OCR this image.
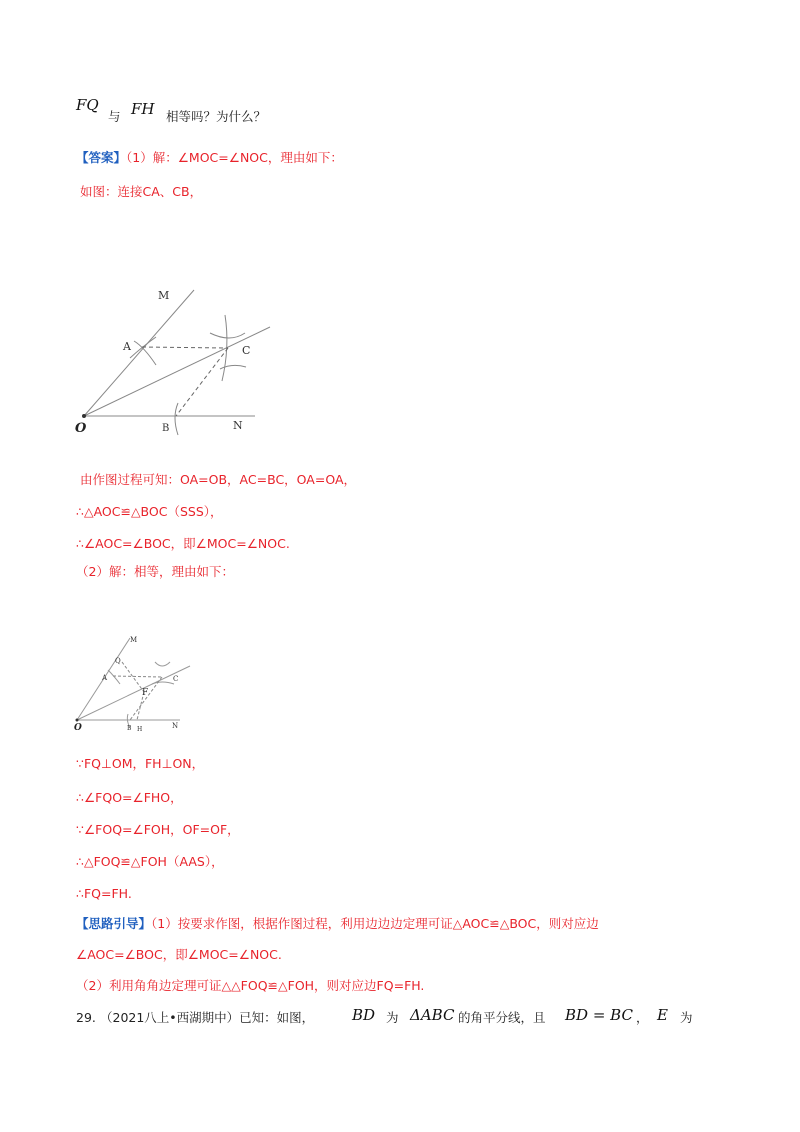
FQ
与 FH 相等吗？为什么？
【答案】（1）解：∠MOC=∠NOC，理由如下：
如图：连接CA、CB，
M
A	C
O	B	N
由作图过程可知：OA=OB，AC=BC，OA=OA，
∴△AOC≌△BOC（SSS），
∴∠AOC=∠BOC，即∠MOC=∠NOC.
（2）解：相等，理由如下：
M
Q
A	C
F
O	B H	N
∵FQ⊥OM，FH⊥ON，
∴∠FQO=∠FHO，
∵∠FOQ=∠FOH，OF=OF，
∴△FOQ≌△FOH（AAS），
∴FQ=FH.
【思路引导】（1）按要求作图，根据作图过程，利用边边边定理可证△AOC≌△BOC，则对应边
∠AOC=∠BOC，即∠MOC=∠NOC.
（2）利用角角边定理可证△△FOQ≌△FOH，则对应边FQ=FH.
29. （2021八上•西湖期中）已知：如图，	BD 为 ΔABC 的角平分线，且 BD = BC ， E 为
